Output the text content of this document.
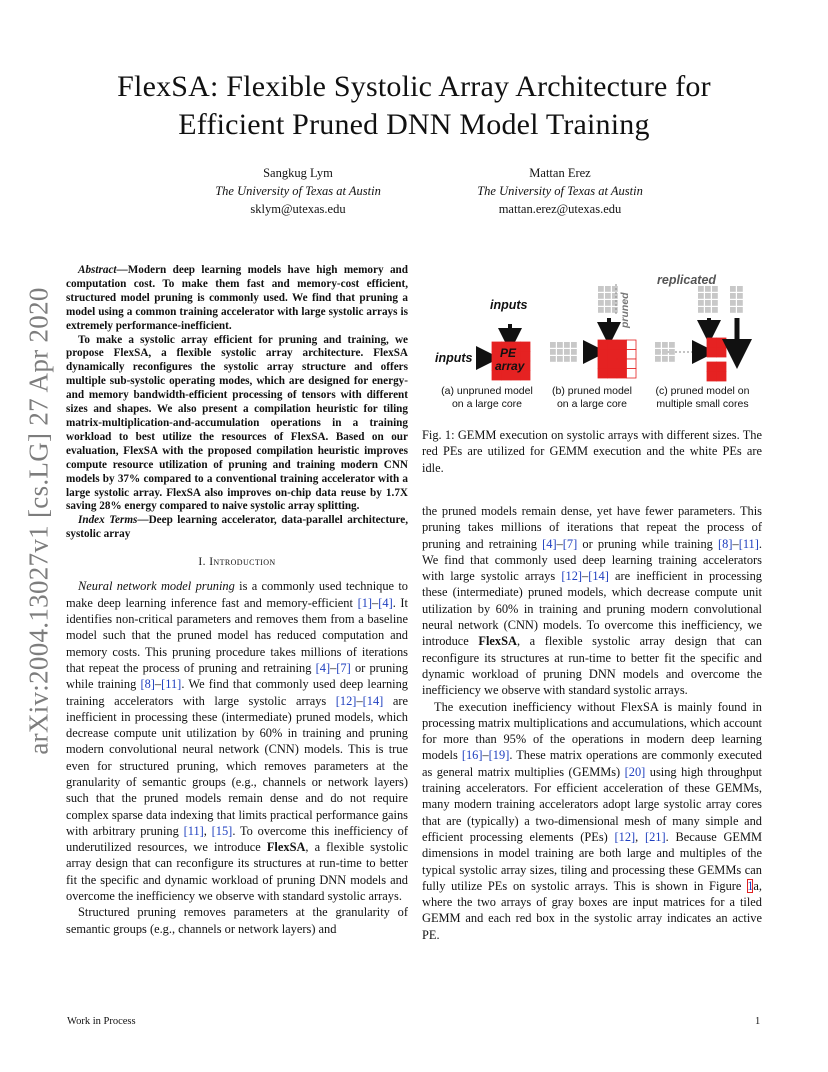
FlexSA: Flexible Systolic Array Architecture for
Efficient Pruned DNN Model Training
Sangkug Lym
The University of Texas at Austin
sklym@utexas.edu
Mattan Erez
The University of Texas at Austin
mattan.erez@utexas.edu
arXiv:2004.13027v1 [cs.LG] 27 Apr 2020

Abstract—Modern deep learning models have high memory and computation cost. To make them fast and memory-cost efficient, structured model pruning is commonly used. We find that pruning a model using a common training accelerator with large systolic arrays is extremely performance-inefficient.

To make a systolic array efficient for pruning and training, we propose FlexSA, a flexible systolic array architecture. FlexSA dynamically reconfigures the systolic array structure and offers multiple sub-systolic operating modes, which are designed for energy- and memory bandwidth-efficient processing of tensors with different sizes and shapes. We also present a compilation heuristic for tiling matrix-multiplication-and-accumulation operations in a training workload to best utilize the resources of FlexSA. Based on our evaluation, FlexSA with the proposed compilation heuristic improves compute resource utilization of pruning and training modern CNN models by 37% compared to a conventional training accelerator with a large systolic array. FlexSA also improves on-chip data reuse by 1.7X saving 28% energy compared to naive systolic array splitting.

Index Terms—Deep learning accelerator, data-parallel architecture, systolic array

I. Introduction

Neural network model pruning is a commonly used technique to make deep learning inference fast and memory-efficient [1]–[4]. It identifies non-critical parameters and removes them from a baseline model such that the pruned model has reduced computation and memory costs. This pruning procedure takes millions of iterations that repeat the process of pruning and retraining [4]–[7] or pruning while training [8]–[11]. We find that commonly used deep learning training accelerators with large systolic arrays [12]–[14] are inefficient in processing these (intermediate) pruned models, which decrease compute unit utilization by 60% in training and pruning modern convolutional neural network (CNN) models. This is true even for structured pruning, which removes parameters at the granularity of semantic groups (e.g., channels or network layers) such that the pruned models remain dense and do not require complex sparse data indexing that limits practical performance gains with arbitrary pruning [11], [15]. To overcome this inefficiency of underutilized resources, we introduce FlexSA, a flexible systolic array design that can reconfigure its structures at run-time to better fit the specific and dynamic workload of pruning DNN models and overcome the inefficiency we observe with standard systolic arrays.

Structured pruning removes parameters at the granularity of semantic groups (e.g., channels or network layers) and

replicated
inputs
inputs PE
array
pruned
(a) unpruned model
on a large core
(b) pruned model
on a large core
(c) pruned model on
multiple small cores
Fig. 1: GEMM execution on systolic arrays with different sizes. The red PEs are utilized for GEMM execution and the white PEs are idle.

the pruned models remain dense, yet have fewer parameters. This pruning takes millions of iterations that repeat the process of pruning and retraining [4]–[7] or pruning while training [8]–[11]. We find that commonly used deep learning training accelerators with large systolic arrays [12]–[14] are inefficient in processing these (intermediate) pruned models, which decrease compute unit utilization by 60% in training and pruning modern convolutional neural network (CNN) models. To overcome this inefficiency, we introduce FlexSA, a flexible systolic array design that can reconfigure its structures at run-time to better fit the specific and dynamic workload of pruning DNN models and overcome the inefficiency we observe with standard systolic arrays.

The execution inefficiency without FlexSA is mainly found in processing matrix multiplications and accumulations, which account for more than 95% of the operations in modern deep learning models [16]–[19]. These matrix operations are commonly executed as general matrix multiplies (GEMMs) [20] using high throughput training accelerators. For efficient acceleration of these GEMMs, many modern training accelerators adopt large systolic array cores that are (typically) a two-dimensional mesh of many simple and efficient processing elements (PEs) [12], [21]. Because GEMM dimensions in model training are both large and multiples of the typical systolic array sizes, tiling and processing these GEMMs can fully utilize PEs on systolic arrays. This is shown in Figure 1a, where the two arrays of gray boxes are input matrices for a tiled GEMM and each red box in the systolic array indicates an active PE.

Work in Process	1
